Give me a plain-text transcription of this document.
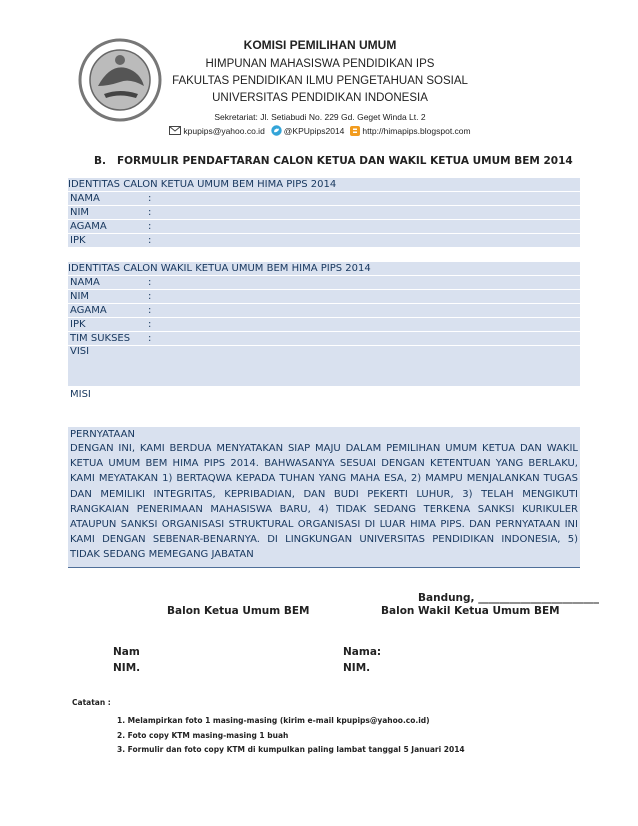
KOMISI PEMILIHAN UMUM
HIMPUNAN MAHASISWA PENDIDIKAN IPS
FAKULTAS PENDIDIKAN ILMU PENGETAHUAN SOSIAL
UNIVERSITAS PENDIDIKAN INDONESIA
Sekretariat: Jl. Setiabudi No. 229 Gd. Geget Winda Lt. 2
kpupips@yahoo.co.id @KPUpips2014 http://himapips.blogspot.com
B.   FORMULIR PENDAFTARAN CALON KETUA DAN WAKIL KETUA UMUM BEM 2014
IDENTITAS CALON KETUA UMUM BEM HIMA PIPS 2014
NAMA	:
NIM	:
AGAMA	:
IPK	:
IDENTITAS CALON WAKIL KETUA UMUM BEM HIMA PIPS 2014
NAMA	:
NIM	:
AGAMA	:
IPK	:
TIM SUKSES	:
VISI
MISI
PERNYATAAN
DENGAN INI, KAMI BERDUA MENYATAKAN SIAP MAJU DALAM PEMILIHAN UMUM KETUA DAN WAKIL KETUA UMUM BEM HIMA PIPS 2014. BAHWASANYA SESUAI DENGAN KETENTUAN YANG BERLAKU, KAMI MEYATAKAN 1) BERTAQWA KEPADA TUHAN YANG MAHA ESA, 2) MAMPU MENJALANKAN TUGAS DAN MEMILIKI INTEGRITAS, KEPRIBADIAN, DAN BUDI PEKERTI LUHUR, 3) TELAH MENGIKUTI RANGKAIAN PENERIMAAN MAHASISWA BARU, 4) TIDAK SEDANG TERKENA SANKSI KURIKULER ATAUPUN SANKSI ORGANISASI STRUKTURAL ORGANISASI DI LUAR HIMA PIPS. DAN PERNYATAAN INI KAMI DENGAN SEBENAR-BENARNYA. DI LINGKUNGAN UNIVERSITAS PENDIDIKAN INDONESIA, 5) TIDAK SEDANG MEMEGANG JABATAN
Bandung, _______________________
Balon Ketua Umum BEM	Balon Wakil Ketua Umum BEM
Nam	Nama:
NIM.	NIM.
Catatan :
1. Melampirkan foto 1 masing-masing (kirim e-mail kpupips@yahoo.co.id)
2. Foto copy KTM masing-masing 1 buah
3. Formulir dan foto copy KTM di kumpulkan paling lambat tanggal 5 Januari 2014
